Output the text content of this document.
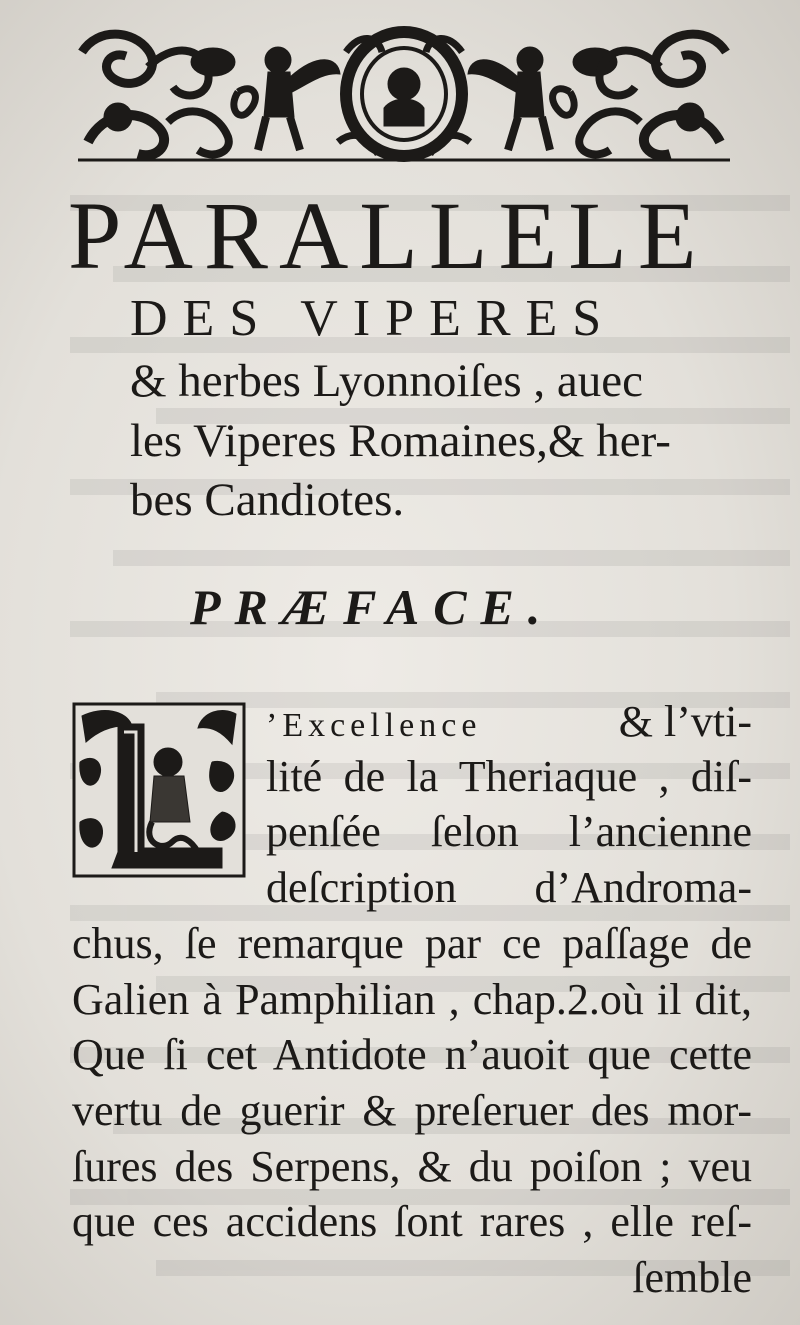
PARALLELE
DES VIPERES
& herbes Lyonnoiſes , auec
les Viperes Romaines,& her-
bes Candiotes.
PRÆFACE.
’Excellence	& l’vti-
lité de la Theriaque , diſ-
penſée ſelon l’ancienne
deſcription d’Androma-
chus, ſe remarque par ce paſſage de
Galien à Pamphilian , chap.2.où il dit,
Que ſi cet Antidote n’auoit que cette
vertu de guerir & preſeruer des mor-
ſures des Serpens, & du poiſon ; veu
que ces accidens ſont rares , elle reſ-
ſemble
